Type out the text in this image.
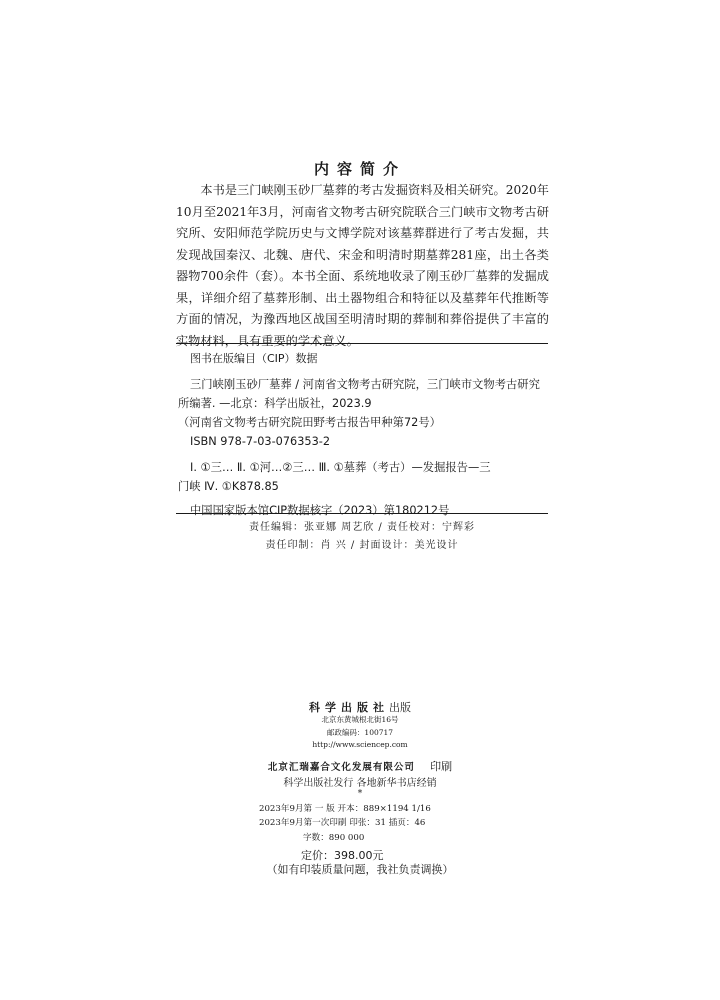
内容简介

本书是三门峡刚玉砂厂墓葬的考古发掘资料及相关研究。2020年10月至2021年3月，河南省文物考古研究院联合三门峡市文物考古研究所、安阳师范学院历史与文博学院对该墓葬群进行了考古发掘，共发现战国秦汉、北魏、唐代、宋金和明清时期墓葬281座，出土各类器物700余件（套）。本书全面、系统地收录了刚玉砂厂墓葬的发掘成果，详细介绍了墓葬形制、出土器物组合和特征以及墓葬年代推断等方面的情况，为豫西地区战国至明清时期的葬制和葬俗提供了丰富的实物材料，具有重要的学术意义。

图书在版编目（CIP）数据
三门峡刚玉砂厂墓葬 / 河南省文物考古研究院，三门峡市文物考古研究
所编著. —北京：科学出版社，2023.9
（河南省文物考古研究院田野考古报告甲种第72号）
ISBN 978-7-03-076353-2
Ⅰ. ①三… Ⅱ. ①河…②三… Ⅲ. ①墓葬（考古）—发掘报告—三
门峡 Ⅳ. ①K878.85
中国国家版本馆CIP数据核字（2023）第180212号
责任编辑：张亚娜 周艺欣 / 责任校对：宁辉彩
责任印制：肖 兴 / 封面设计：美光设计
科学出版社出版
北京东黄城根北街16号
邮政编码：100717
http://www.sciencep.com
北京汇瑞嘉合文化发展有限公司 印刷
科学出版社发行 各地新华书店经销
*
2023年9月第 一 版 开本：889×1194 1/16
2023年9月第一次印刷 印张：31 插页：46
字数：890 000
定价：398.00元
（如有印装质量问题，我社负责调换）
